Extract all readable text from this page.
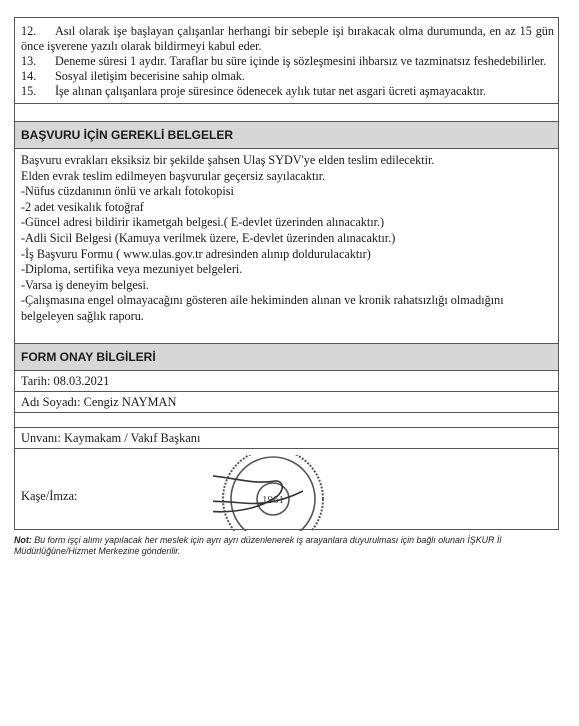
12. Asıl olarak işe başlayan çalışanlar herhangi bir sebeple işi bırakacak olma durumunda, en az 15 gün önce işverene yazılı olarak bildirmeyi kabul eder.

13. Deneme süresi 1 aydır. Taraflar bu süre içinde iş sözleşmesini ihbarsız ve tazminatsız feshedebilirler.

14. Sosyal iletişim becerisine sahip olmak.

15. İşe alınan çalışanlara proje süresince ödenecek aylık tutar net asgari ücreti aşmayacaktır.

BAŞVURU İÇİN GEREKLİ BELGELER

Başvuru evrakları eksiksiz bir şekilde şahsen Ulaş SYDV'ye elden teslim edilecektir.

Elden evrak teslim edilmeyen başvurular geçersiz sayılacaktır.

-Nüfus cüzdanının önlü ve arkalı fotokopisi

-2 adet vesikalık fotoğraf

-Güncel adresi bildirir ikametgah belgesi.( E-devlet üzerinden alınacaktır.)

-Adli Sicil Belgesi (Kamuya verilmek üzere, E-devlet üzerinden alınacaktır.)

-İş Başvuru Formu ( www.ulas.gov.tr adresinden alınıp doldurulacaktır)

-Diploma, sertifika veya mezuniyet belgeleri.

-Varsa iş deneyim belgesi.

-Çalışmasına engel olmayacağını gösteren aile hekiminden alınan ve kronik rahatsızlığı olmadığını belgeleyen sağlık raporu.

FORM ONAY BİLGİLERİ
Tarih: 08.03.2021
Adı Soyadı: Cengiz NAYMAN
Unvanı: Kaymakam / Vakıf Başkanı
Kaşe/İmza:	1961
Not: Bu form işçi alımı yapılacak her meslek için ayrı ayrı düzenlenerek iş arayanlara duyurulması için bağlı olunan İŞKUR İl Müdürlüğüne/Hizmet Merkezine gönderilir.
